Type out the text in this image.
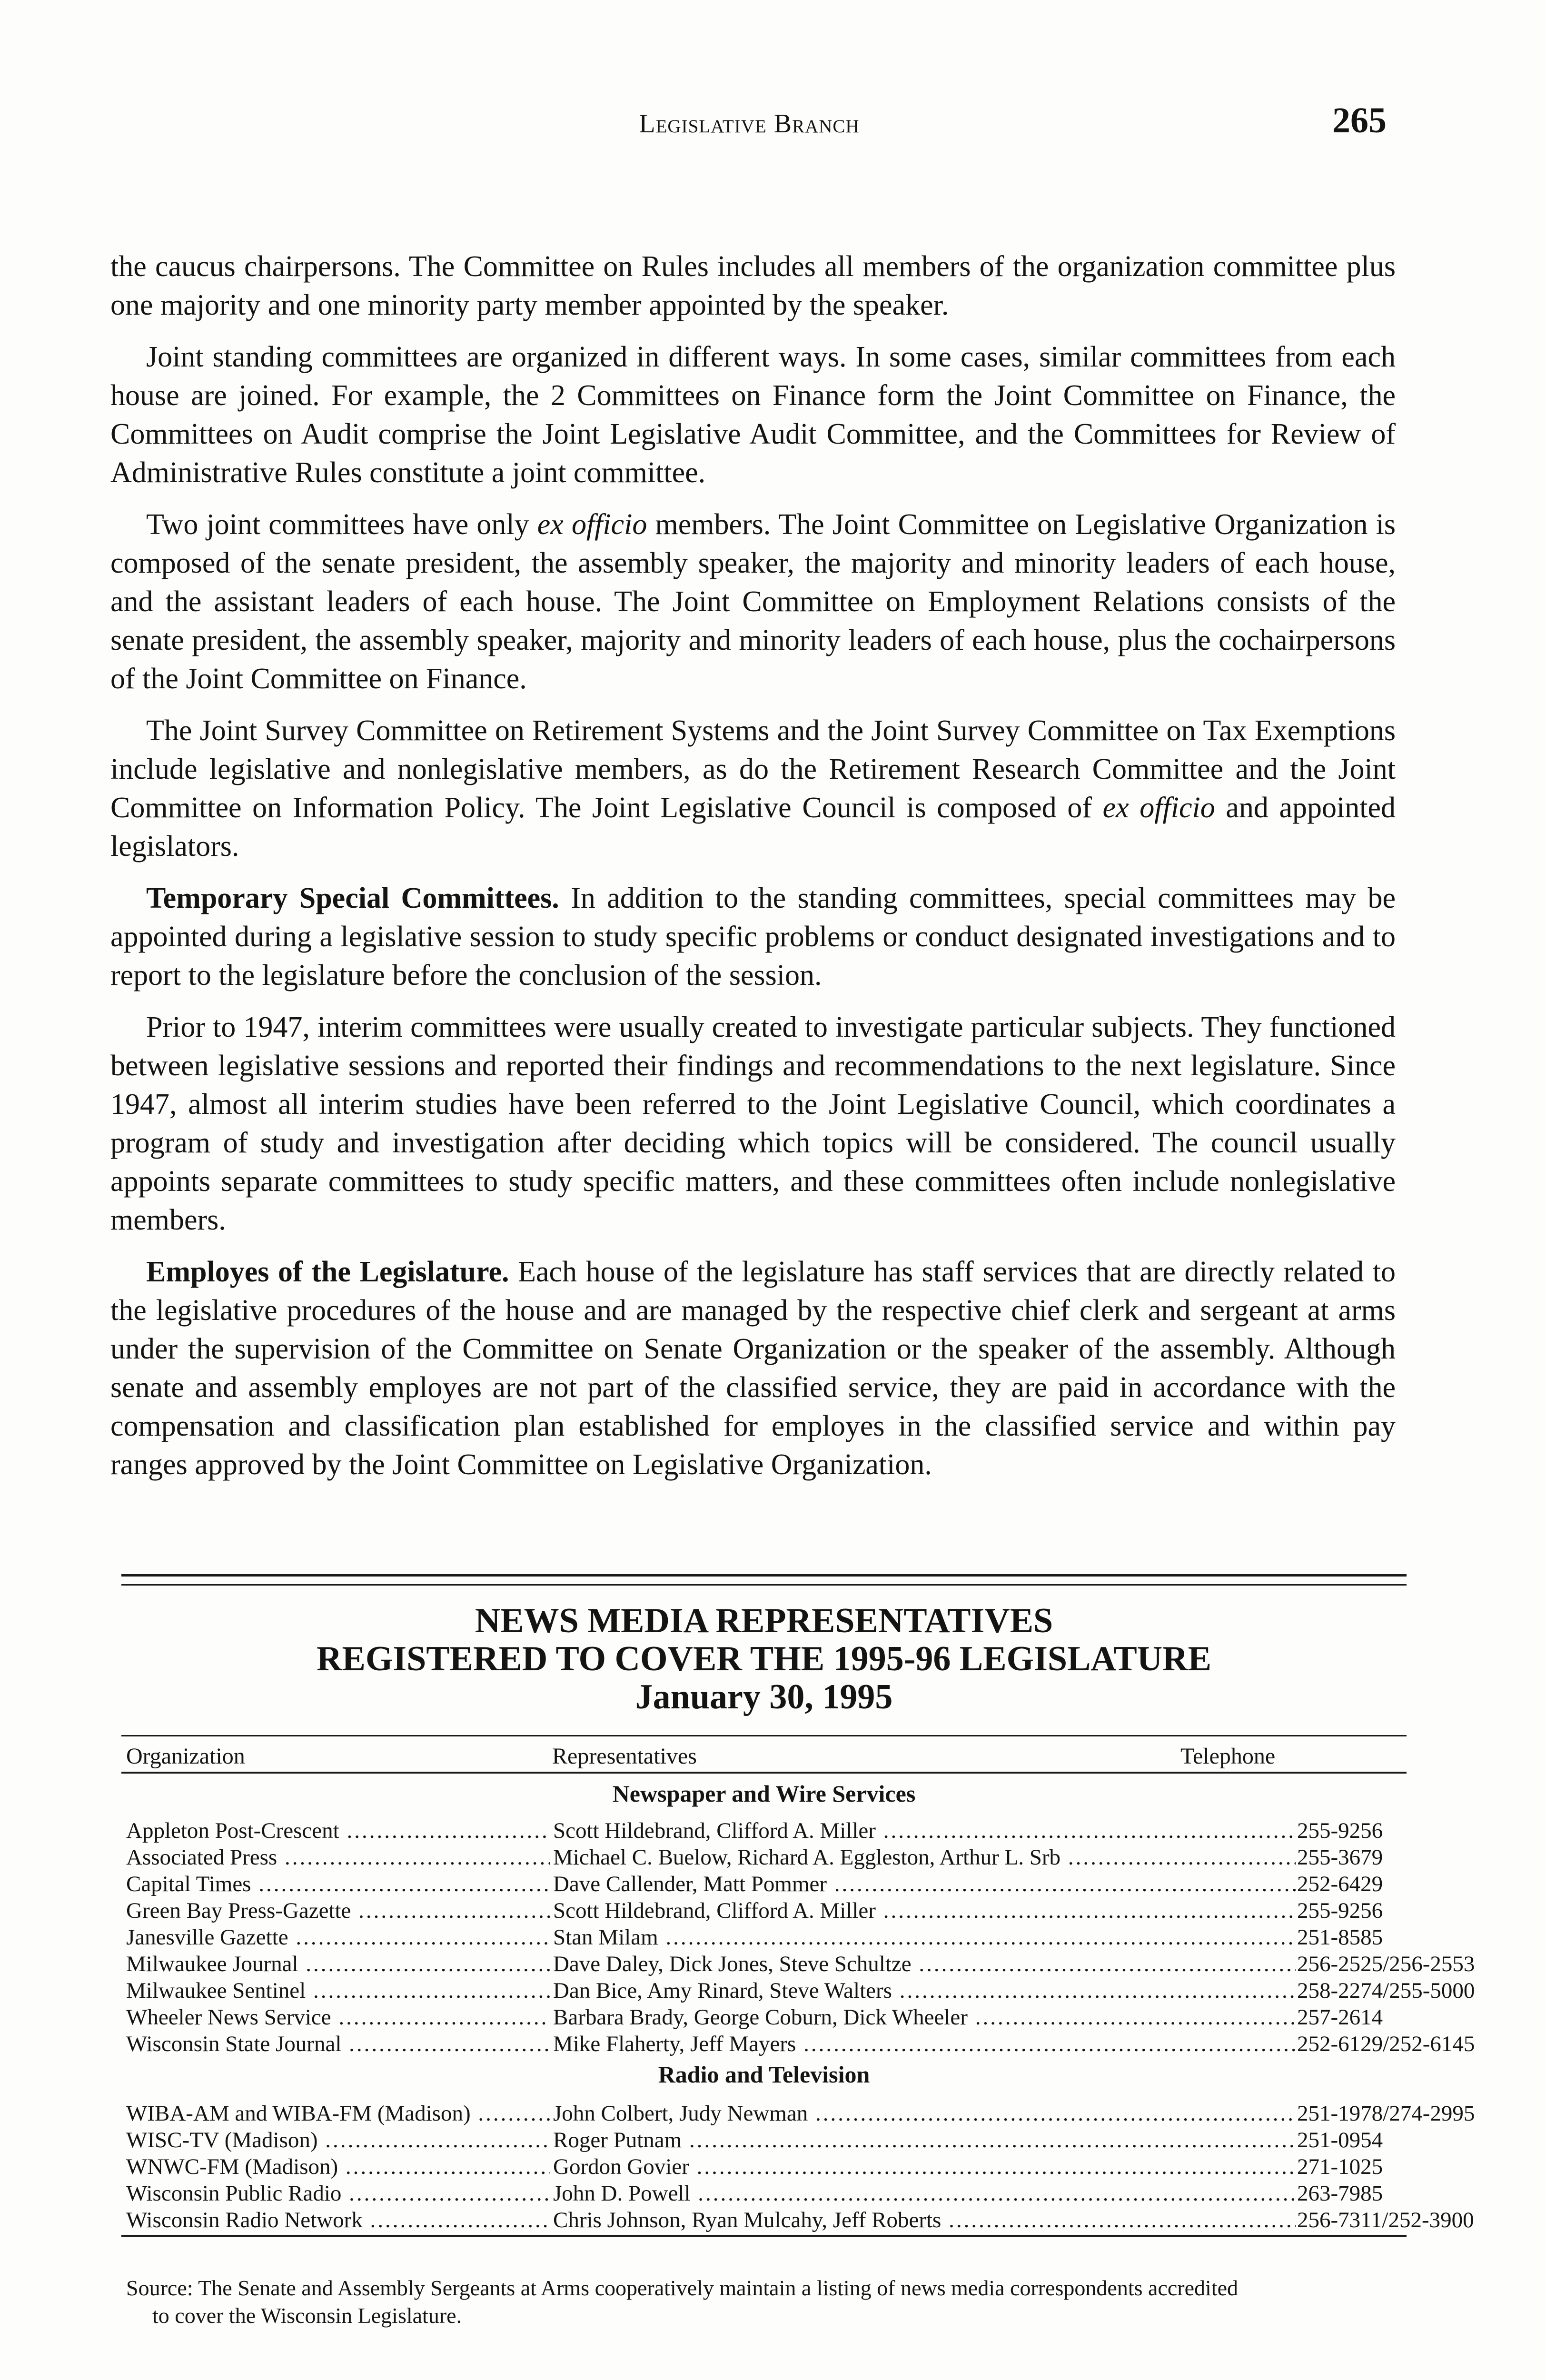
Legislative Branch	265

the caucus chairpersons. The Committee on Rules includes all members of the organization committee plus one majority and one minority party member appointed by the speaker.

Joint standing committees are organized in different ways. In some cases, similar committees from each house are joined. For example, the 2 Committees on Finance form the Joint Committee on Finance, the Committees on Audit comprise the Joint Legislative Audit Committee, and the Committees for Review of Administrative Rules constitute a joint committee.

Two joint committees have only ex officio members. The Joint Committee on Legislative Organization is composed of the senate president, the assembly speaker, the majority and minority leaders of each house, and the assistant leaders of each house. The Joint Committee on Employment Relations consists of the senate president, the assembly speaker, majority and minority leaders of each house, plus the cochairpersons of the Joint Committee on Finance.

The Joint Survey Committee on Retirement Systems and the Joint Survey Committee on Tax Exemptions include legislative and nonlegislative members, as do the Retirement Research Committee and the Joint Committee on Information Policy. The Joint Legislative Council is composed of ex officio and appointed legislators.

Temporary Special Committees. In addition to the standing committees, special committees may be appointed during a legislative session to study specific problems or conduct designated investigations and to report to the legislature before the conclusion of the session.

Prior to 1947, interim committees were usually created to investigate particular subjects. They functioned between legislative sessions and reported their findings and recommendations to the next legislature. Since 1947, almost all interim studies have been referred to the Joint Legislative Council, which coordinates a program of study and investigation after deciding which topics will be considered. The council usually appoints separate committees to study specific matters, and these committees often include nonlegislative members.

Employes of the Legislature. Each house of the legislature has staff services that are directly related to the legislative procedures of the house and are managed by the respective chief clerk and sergeant at arms under the supervision of the Committee on Senate Organization or the speaker of the assembly. Although senate and assembly employes are not part of the classified service, they are paid in accordance with the compensation and classification plan established for employes in the classified service and within pay ranges approved by the Joint Committee on Legislative Organization.

NEWS MEDIA REPRESENTATIVES
REGISTERED TO COVER THE 1995-96 LEGISLATURE
January 30, 1995
Organization	Representatives	Telephone
Newspaper and Wire Services
Appleton Post-Crescent .....	Scott Hildebrand, Clifford A. Miller .....	255-9256
Associated Press .....	Michael C. Buelow, Richard A. Eggleston, Arthur L. Srb .....	255-3679
Capital Times .....	Dave Callender, Matt Pommer .....	252-6429
Green Bay Press-Gazette .....	Scott Hildebrand, Clifford A. Miller .....	255-9256
Janesville Gazette .....	Stan Milam .....	251-8585
Milwaukee Journal .....	Dave Daley, Dick Jones, Steve Schultze .....	256-2525/256-2553
Milwaukee Sentinel .....	Dan Bice, Amy Rinard, Steve Walters .....	258-2274/255-5000
Wheeler News Service .....	Barbara Brady, George Coburn, Dick Wheeler .....	257-2614
Wisconsin State Journal .....	Mike Flaherty, Jeff Mayers .....	252-6129/252-6145
Radio and Television
WIBA-AM and WIBA-FM (Madison) .....	John Colbert, Judy Newman .....	251-1978/274-2995
WISC-TV (Madison) .....	Roger Putnam .....	251-0954
WNWC-FM (Madison) .....	Gordon Govier .....	271-1025
Wisconsin Public Radio .....	John D. Powell .....	263-7985
Wisconsin Radio Network .....	Chris Johnson, Ryan Mulcahy, Jeff Roberts .....	256-7311/252-3900
Source: The Senate and Assembly Sergeants at Arms cooperatively maintain a listing of news media correspondents accredited
to cover the Wisconsin Legislature.
